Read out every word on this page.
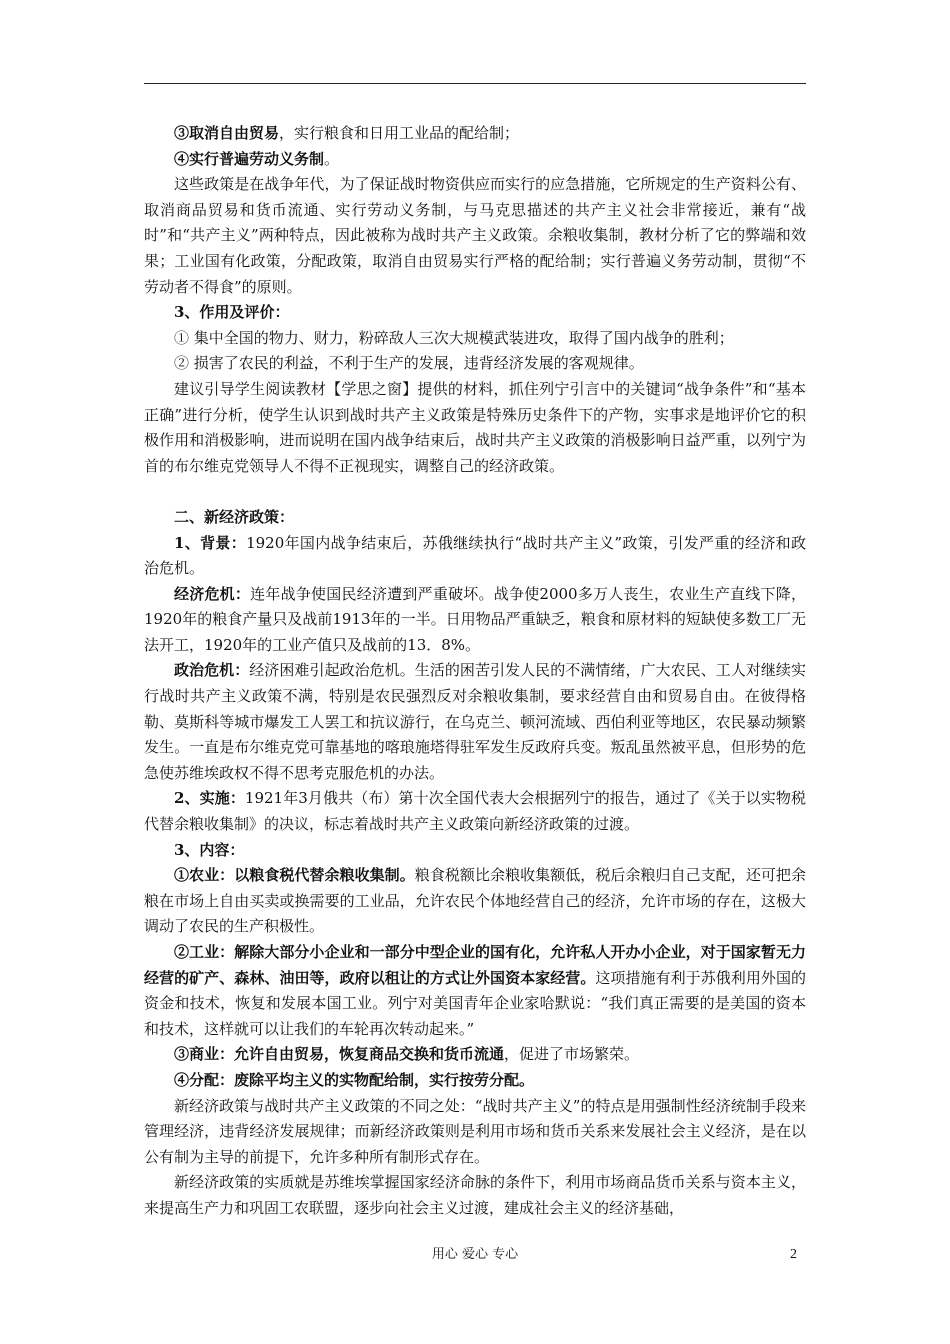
③取消自由贸易，实行粮食和日用工业品的配给制；

④实行普遍劳动义务制。

这些政策是在战争年代，为了保证战时物资供应而实行的应急措施，它所规定的生产资料公有、取消商品贸易和货币流通、实行劳动义务制，与马克思描述的共产主义社会非常接近，兼有“战时”和“共产主义”两种特点，因此被称为战时共产主义政策。余粮收集制，教材分析了它的弊端和效果；工业国有化政策，分配政策，取消自由贸易实行严格的配给制；实行普遍义务劳动制，贯彻“不劳动者不得食”的原则。

3、作用及评价：

① 集中全国的物力、财力，粉碎敌人三次大规模武装进攻，取得了国内战争的胜利；

② 损害了农民的利益，不利于生产的发展，违背经济发展的客观规律。

建议引导学生阅读教材【学思之窗】提供的材料，抓住列宁引言中的关键词“战争条件”和“基本正确”进行分析，使学生认识到战时共产主义政策是特殊历史条件下的产物，实事求是地评价它的积极作用和消极影响，进而说明在国内战争结束后，战时共产主义政策的消极影响日益严重，以列宁为首的布尔维克党领导人不得不正视现实，调整自己的经济政策。

二、新经济政策：

1、背景：1920年国内战争结束后，苏俄继续执行“战时共产主义”政策，引发严重的经济和政治危机。

经济危机：连年战争使国民经济遭到严重破坏。战争使2000多万人丧生，农业生产直线下降，1920年的粮食产量只及战前1913年的一半。日用物品严重缺乏，粮食和原材料的短缺使多数工厂无法开工，1920年的工业产值只及战前的13．8%。

政治危机：经济困难引起政治危机。生活的困苦引发人民的不满情绪，广大农民、工人对继续实行战时共产主义政策不满，特别是农民强烈反对余粮收集制，要求经营自由和贸易自由。在彼得格勒、莫斯科等城市爆发工人罢工和抗议游行，在乌克兰、顿河流域、西伯利亚等地区，农民暴动频繁发生。一直是布尔维克党可靠基地的喀琅施塔得驻军发生反政府兵变。叛乱虽然被平息，但形势的危急使苏维埃政权不得不思考克服危机的办法。

2、实施：1921年3月俄共（布）第十次全国代表大会根据列宁的报告，通过了《关于以实物税代替余粮收集制》的决议，标志着战时共产主义政策向新经济政策的过渡。

3、内容：

①农业：以粮食税代替余粮收集制。粮食税额比余粮收集额低，税后余粮归自己支配，还可把余粮在市场上自由买卖或换需要的工业品，允许农民个体地经营自己的经济，允许市场的存在，这极大调动了农民的生产积极性。

②工业：解除大部分小企业和一部分中型企业的国有化，允许私人开办小企业，对于国家暂无力经营的矿产、森林、油田等，政府以租让的方式让外国资本家经营。这项措施有利于苏俄利用外国的资金和技术，恢复和发展本国工业。列宁对美国青年企业家哈默说：“我们真正需要的是美国的资本和技术，这样就可以让我们的车轮再次转动起来。”

③商业：允许自由贸易，恢复商品交换和货币流通，促进了市场繁荣。

④分配：废除平均主义的实物配给制，实行按劳分配。

新经济政策与战时共产主义政策的不同之处：“战时共产主义”的特点是用强制性经济统制手段来管理经济，违背经济发展规律；而新经济政策则是利用市场和货币关系来发展社会主义经济，是在以公有制为主导的前提下，允许多种所有制形式存在。

新经济政策的实质就是苏维埃掌握国家经济命脉的条件下，利用市场商品货币关系与资本主义，来提高生产力和巩固工农联盟，逐步向社会主义过渡，建成社会主义的经济基础，

用心 爱心 专心	2
